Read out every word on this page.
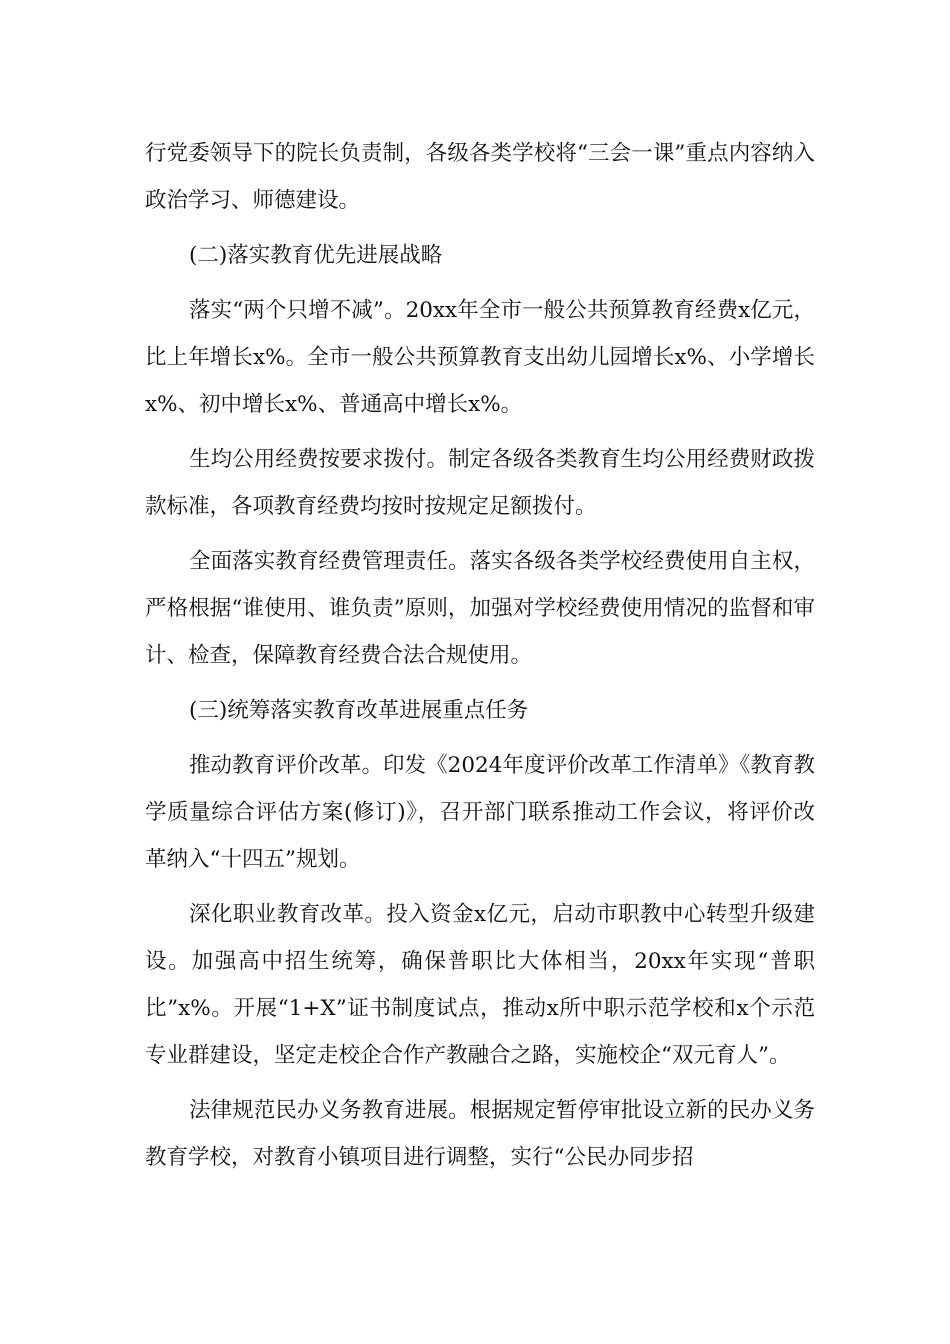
行党委领导下的院长负责制，各级各类学校将“三会一课”重点内容纳入政治学习、师德建设。

(二)落实教育优先进展战略

落实“两个只增不减”。20xx年全市一般公共预算教育经费x亿元，比上年增长x%。全市一般公共预算教育支出幼儿园增长x%、小学增长x%、初中增长x%、普通高中增长x%。

生均公用经费按要求拨付。制定各级各类教育生均公用经费财政拨款标准，各项教育经费均按时按规定足额拨付。

全面落实教育经费管理责任。落实各级各类学校经费使用自主权，严格根据“谁使用、谁负责”原则，加强对学校经费使用情况的监督和审计、检查，保障教育经费合法合规使用。

(三)统筹落实教育改革进展重点任务

推动教育评价改革。印发《2024年度评价改革工作清单》《教育教学质量综合评估方案(修订)》，召开部门联系推动工作会议，将评价改革纳入“十四五”规划。

深化职业教育改革。投入资金x亿元，启动市职教中心转型升级建设。加强高中招生统筹，确保普职比大体相当，20xx年实现“普职比”x%。开展“1+X”证书制度试点，推动x所中职示范学校和x个示范专业群建设，坚定走校企合作产教融合之路，实施校企“双元育人”。

法律规范民办义务教育进展。根据规定暂停审批设立新的民办义务教育学校，对教育小镇项目进行调整，实行“公民办同步招
